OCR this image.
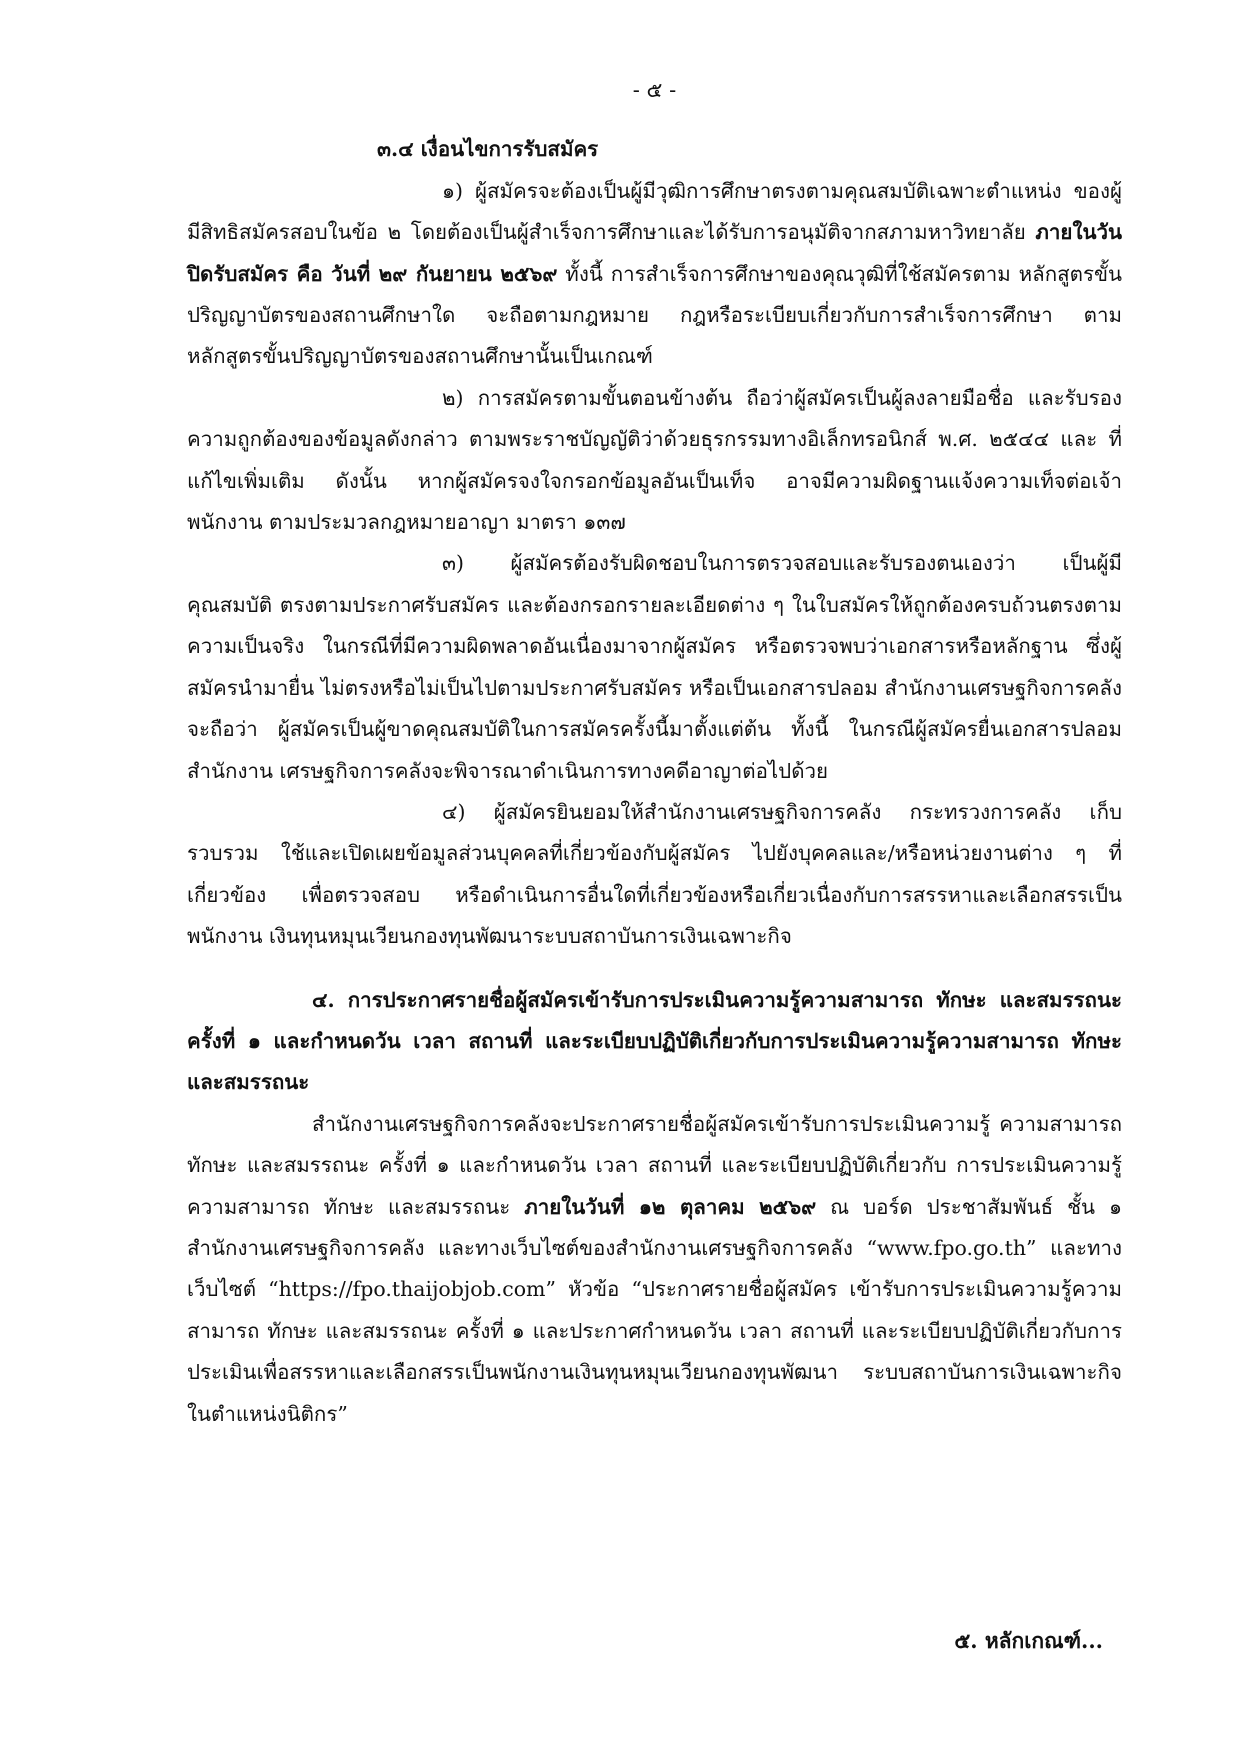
- ๕ -
๓.๔ เงื่อนไขการรับสมัคร

๑) ผู้สมัครจะต้องเป็นผู้มีวุฒิการศึกษาตรงตามคุณสมบัติเฉพาะตำแหน่ง ของผู้มีสิทธิสมัครสอบในข้อ ๒ โดยต้องเป็นผู้สำเร็จการศึกษาและได้รับการอนุมัติจากสภามหาวิทยาลัย ภายในวันปิดรับสมัคร คือ วันที่ ๒๙ กันยายน ๒๕๖๙ ทั้งนี้ การสำเร็จการศึกษาของคุณวุฒิที่ใช้สมัครตาม หลักสูตรขั้นปริญญาบัตรของสถานศึกษาใด จะถือตามกฎหมาย กฎหรือระเบียบเกี่ยวกับการสำเร็จการศึกษา ตามหลักสูตรขั้นปริญญาบัตรของสถานศึกษานั้นเป็นเกณฑ์

๒) การสมัครตามขั้นตอนข้างต้น ถือว่าผู้สมัครเป็นผู้ลงลายมือชื่อ และรับรอง ความถูกต้องของข้อมูลดังกล่าว ตามพระราชบัญญัติว่าด้วยธุรกรรมทางอิเล็กทรอนิกส์ พ.ศ. ๒๕๔๔ และ ที่แก้ไขเพิ่มเติม ดังนั้น หากผู้สมัครจงใจกรอกข้อมูลอันเป็นเท็จ อาจมีความผิดฐานแจ้งความเท็จต่อเจ้าพนักงาน ตามประมวลกฎหมายอาญา มาตรา ๑๓๗

๓) ผู้สมัครต้องรับผิดชอบในการตรวจสอบและรับรองตนเองว่า เป็นผู้มีคุณสมบัติ ตรงตามประกาศรับสมัคร และต้องกรอกรายละเอียดต่าง ๆ ในใบสมัครให้ถูกต้องครบถ้วนตรงตามความเป็นจริง ในกรณีที่มีความผิดพลาดอันเนื่องมาจากผู้สมัคร หรือตรวจพบว่าเอกสารหรือหลักฐาน ซึ่งผู้สมัครนำมายื่น ไม่ตรงหรือไม่เป็นไปตามประกาศรับสมัคร หรือเป็นเอกสารปลอม สำนักงานเศรษฐกิจการคลังจะถือว่า ผู้สมัครเป็นผู้ขาดคุณสมบัติในการสมัครครั้งนี้มาตั้งแต่ต้น ทั้งนี้ ในกรณีผู้สมัครยื่นเอกสารปลอม สำนักงาน เศรษฐกิจการคลังจะพิจารณาดำเนินการทางคดีอาญาต่อไปด้วย

๔) ผู้สมัครยินยอมให้สำนักงานเศรษฐกิจการคลัง กระทรวงการคลัง เก็บ รวบรวม ใช้และเปิดเผยข้อมูลส่วนบุคคลที่เกี่ยวข้องกับผู้สมัคร ไปยังบุคคลและ/หรือหน่วยงานต่าง ๆ ที่เกี่ยวข้อง เพื่อตรวจสอบ หรือดำเนินการอื่นใดที่เกี่ยวข้องหรือเกี่ยวเนื่องกับการสรรหาและเลือกสรรเป็นพนักงาน เงินทุนหมุนเวียนกองทุนพัฒนาระบบสถาบันการเงินเฉพาะกิจ

๔. การประกาศรายชื่อผู้สมัครเข้ารับการประเมินความรู้ความสามารถ ทักษะ และสมรรถนะ ครั้งที่ ๑ และกำหนดวัน เวลา สถานที่ และระเบียบปฏิบัติเกี่ยวกับการประเมินความรู้ความสามารถ ทักษะ และสมรรถนะ

สำนักงานเศรษฐกิจการคลังจะประกาศรายชื่อผู้สมัครเข้ารับการประเมินความรู้ ความสามารถ ทักษะ และสมรรถนะ ครั้งที่ ๑ และกำหนดวัน เวลา สถานที่ และระเบียบปฏิบัติเกี่ยวกับ การประเมินความรู้ความสามารถ ทักษะ และสมรรถนะ ภายในวันที่ ๑๒ ตุลาคม ๒๕๖๙ ณ บอร์ด ประชาสัมพันธ์ ชั้น ๑ สำนักงานเศรษฐกิจการคลัง และทางเว็บไซต์ของสำนักงานเศรษฐกิจการคลัง “www.fpo.go.th” และทางเว็บไซต์ “https://fpo.thaijobjob.com” หัวข้อ “ประกาศรายชื่อผู้สมัคร เข้ารับการประเมินความรู้ความสามารถ ทักษะ และสมรรถนะ ครั้งที่ ๑ และประกาศกำหนดวัน เวลา สถานที่ และระเบียบปฏิบัติเกี่ยวกับการประเมินเพื่อสรรหาและเลือกสรรเป็นพนักงานเงินทุนหมุนเวียนกองทุนพัฒนา ระบบสถาบันการเงินเฉพาะกิจในตำแหน่งนิติกร”

๕. หลักเกณฑ์...
